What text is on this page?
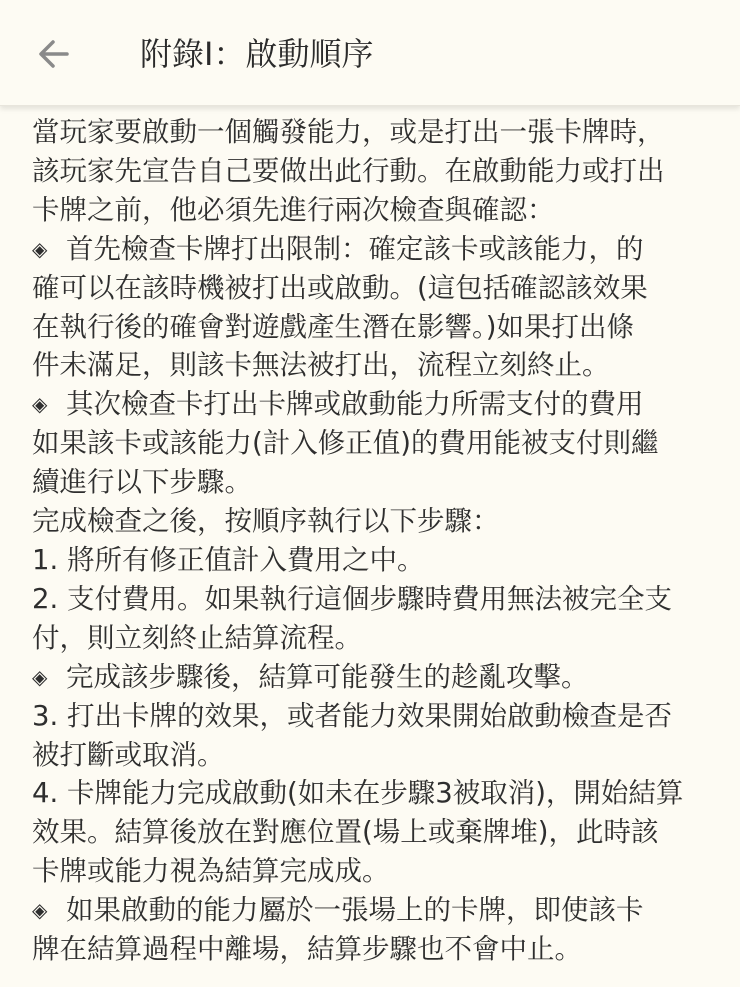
附錄I：啟動順序
當玩家要啟動一個觸發能力，或是打出一張卡牌時，
該玩家先宣告自己要做出此行動。在啟動能力或打出
卡牌之前，他必須先進行兩次檢查與確認：
◈ 首先檢查卡牌打出限制：確定該卡或該能力，的
確可以在該時機被打出或啟動。(這包括確認該效果
在執行後的確會對遊戲產生潛在影響。)如果打出條
件未滿足，則該卡無法被打出，流程立刻終止。
◈ 其次檢查卡打出卡牌或啟動能力所需支付的費用
如果該卡或該能力(計入修正值)的費用能被支付則繼
續進行以下步驟。
完成檢查之後，按順序執行以下步驟：
1. 將所有修正值計入費用之中。
2. 支付費用。如果執行這個步驟時費用無法被完全支
付，則立刻終止結算流程。
◈ 完成該步驟後，結算可能發生的趁亂攻擊。
3. 打出卡牌的效果，或者能力效果開始啟動檢查是否
被打斷或取消。
4. 卡牌能力完成啟動(如未在步驟3被取消)，開始結算
效果。結算後放在對應位置(場上或棄牌堆)，此時該
卡牌或能力視為結算完成成。
◈ 如果啟動的能力屬於一張場上的卡牌，即使該卡
牌在結算過程中離場，結算步驟也不會中止。
